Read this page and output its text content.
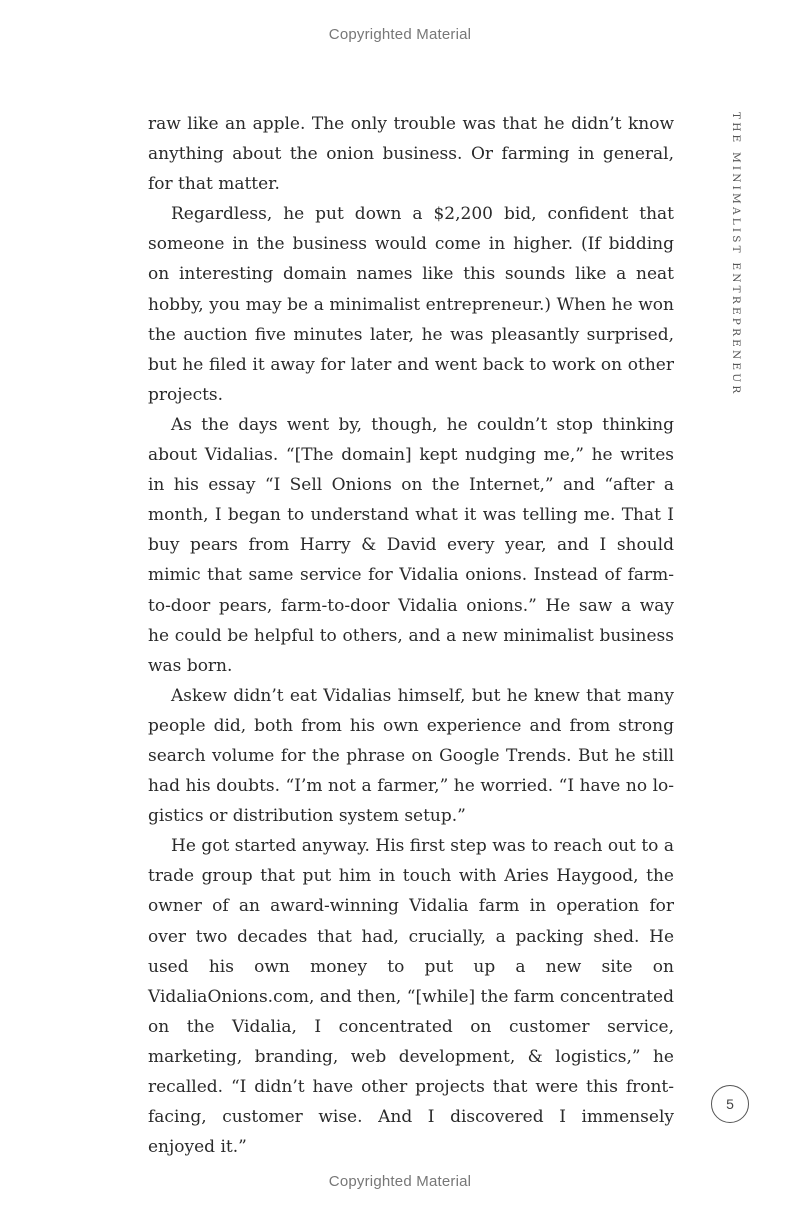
Copyrighted Material
THE MINIMALIST ENTREPRENEUR

raw like an apple. The only trouble was that he didn’t know anything about the onion business. Or farming in general, for that matter.

Regardless, he put down a $2,200 bid, confident that someone in the business would come in higher. (If bidding on interesting domain names like this sounds like a neat hobby, you may be a minimalist entrepreneur.) When he won the auction five minutes later, he was pleasantly surprised, but he filed it away for later and went back to work on other projects.

As the days went by, though, he couldn’t stop thinking about Vidalias. “[The domain] kept nudging me,” he writes in his essay “I Sell Onions on the Internet,” and “after a month, I began to understand what it was telling me. That I buy pears from Harry & David every year, and I should mimic that same service for Vidalia onions. Instead of farm-to-door pears, farm-to-door Vidalia onions.” He saw a way he could be helpful to others, and a new minimalist business was born.

Askew didn’t eat Vidalias himself, but he knew that many people did, both from his own experience and from strong search volume for the phrase on Google Trends. But he still had his doubts. “I’m not a farmer,” he worried. “I have no logistics or distribution system setup.”

He got started anyway. His first step was to reach out to a trade group that put him in touch with Aries Haygood, the owner of an award-winning Vidalia farm in operation for over two decades that had, crucially, a packing shed. He used his own money to put up a new site on VidaliaOnions.com, and then, “[while] the farm concentrated on the Vidalia, I concentrated on customer service, marketing, branding, web development, & logistics,” he recalled. “I didn’t have other projects that were this front-facing, customer wise. And I discovered I immensely enjoyed it.”

5
Copyrighted Material
